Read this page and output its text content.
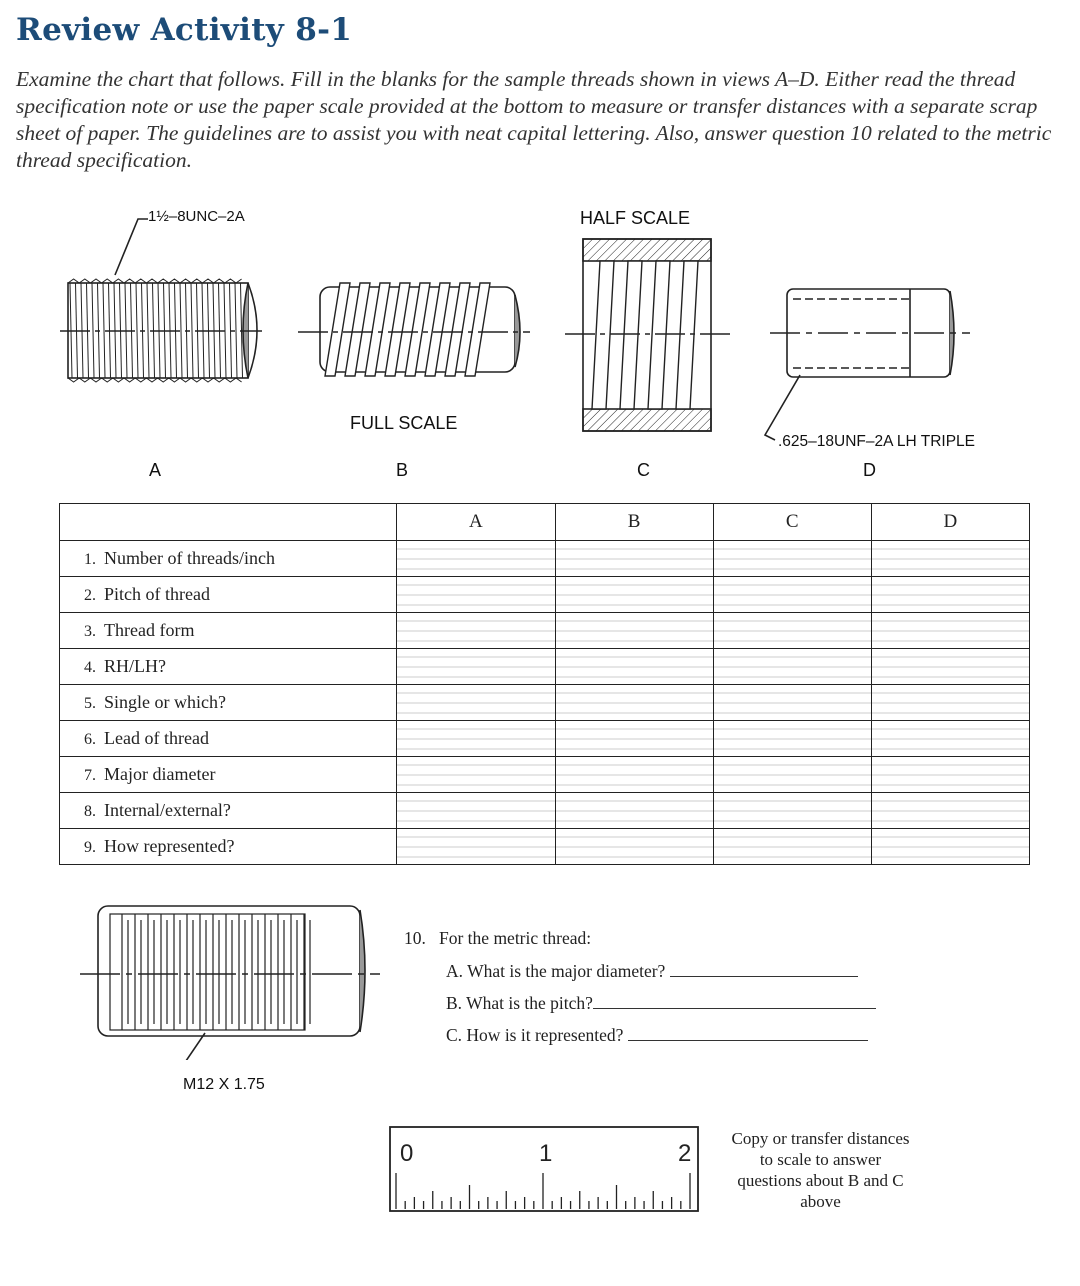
Review Activity 8-1
Examine the chart that follows. Fill in the blanks for the sample threads shown in views A–D. Either read the thread specification note or use the paper scale provided at the bottom to measure or transfer distances with a separate scrap sheet of paper. The guidelines are to assist you with neat capital lettering. Also, answer question 10 related to the metric thread specification.
1½–8UNC–2A	HALF SCALE
FULL SCALE
.625–18UNF–2A LH TRIPLE
A	B	C	D
	A	B	C	D
1. Number of threads/inch				
2. Pitch of thread				
3. Thread form				
4. RH/LH?				
5. Single or which?				
6. Lead of thread				
7. Major diameter				
8. Internal/external?				
9. How represented?				
M12 X 1.75
10. For the metric thread:
A. What is the major diameter?
B. What is the pitch?
C. How is it represented?
0	1	2
Copy or transfer distances to scale to answer questions about B and C above
